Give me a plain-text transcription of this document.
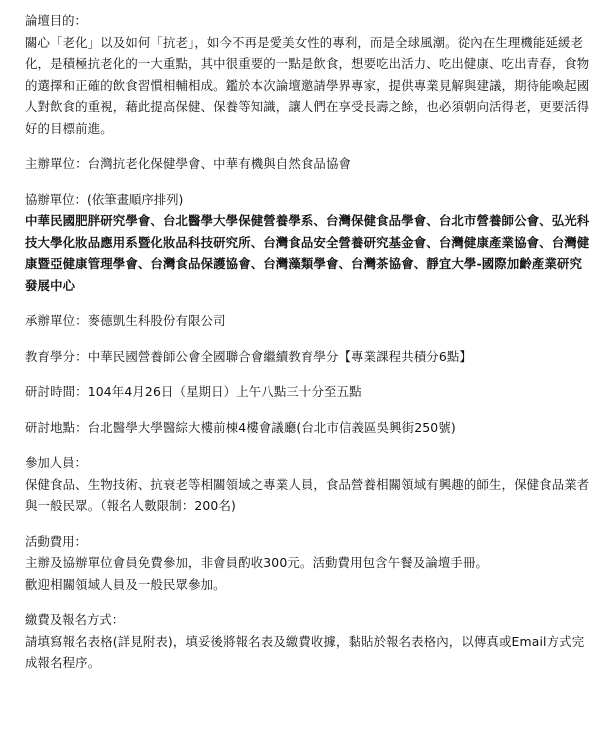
論壇目的：

關心「老化」以及如何「抗老」，如今不再是愛美女性的專利，而是全球風潮。從內在生理機能延緩老化，是積極抗老化的一大重點，其中很重要的一點是飲食，想要吃出活力、吃出健康、吃出青春，食物的選擇和正確的飲食習慣相輔相成。鑑於本次論壇邀請學界專家，提供專業見解與建議，期待能喚起國人對飲食的重視，藉此提高保健、保養等知識，讓人們在享受長壽之餘，也必須朝向活得老，更要活得好的目標前進。

主辦單位：台灣抗老化保健學會、中華有機與自然食品協會

協辦單位：(依筆畫順序排列)

中華民國肥胖研究學會、台北醫學大學保健營養學系、台灣保健食品學會、台北市營養師公會、弘光科技大學化妝品應用系暨化妝品科技研究所、台灣食品安全營養研究基金會、台灣健康產業協會、台灣健康暨亞健康管理學會、台灣食品保護協會、台灣藻類學會、台灣茶協會、靜宜大學-國際加齡產業研究發展中心

承辦單位：麥德凱生科股份有限公司

教育學分：中華民國營養師公會全國聯合會繼續教育學分【專業課程共積分6點】

研討時間：104年4月26日（星期日）上午八點三十分至五點

研討地點：台北醫學大學醫綜大樓前棟4樓會議廳(台北市信義區吳興街250號)

參加人員：

保健食品、生物技術、抗衰老等相關領域之專業人員，食品營養相關領域有興趣的師生，保健食品業者與一般民眾。（報名人數限制：200名)

活動費用：

主辦及協辦單位會員免費參加，非會員酌收300元。活動費用包含午餐及論壇手冊。

歡迎相關領域人員及一般民眾參加。

繳費及報名方式：

請填寫報名表格(詳見附表)，填妥後將報名表及繳費收據，黏貼於報名表格內，以傳真或Email方式完成報名程序。
